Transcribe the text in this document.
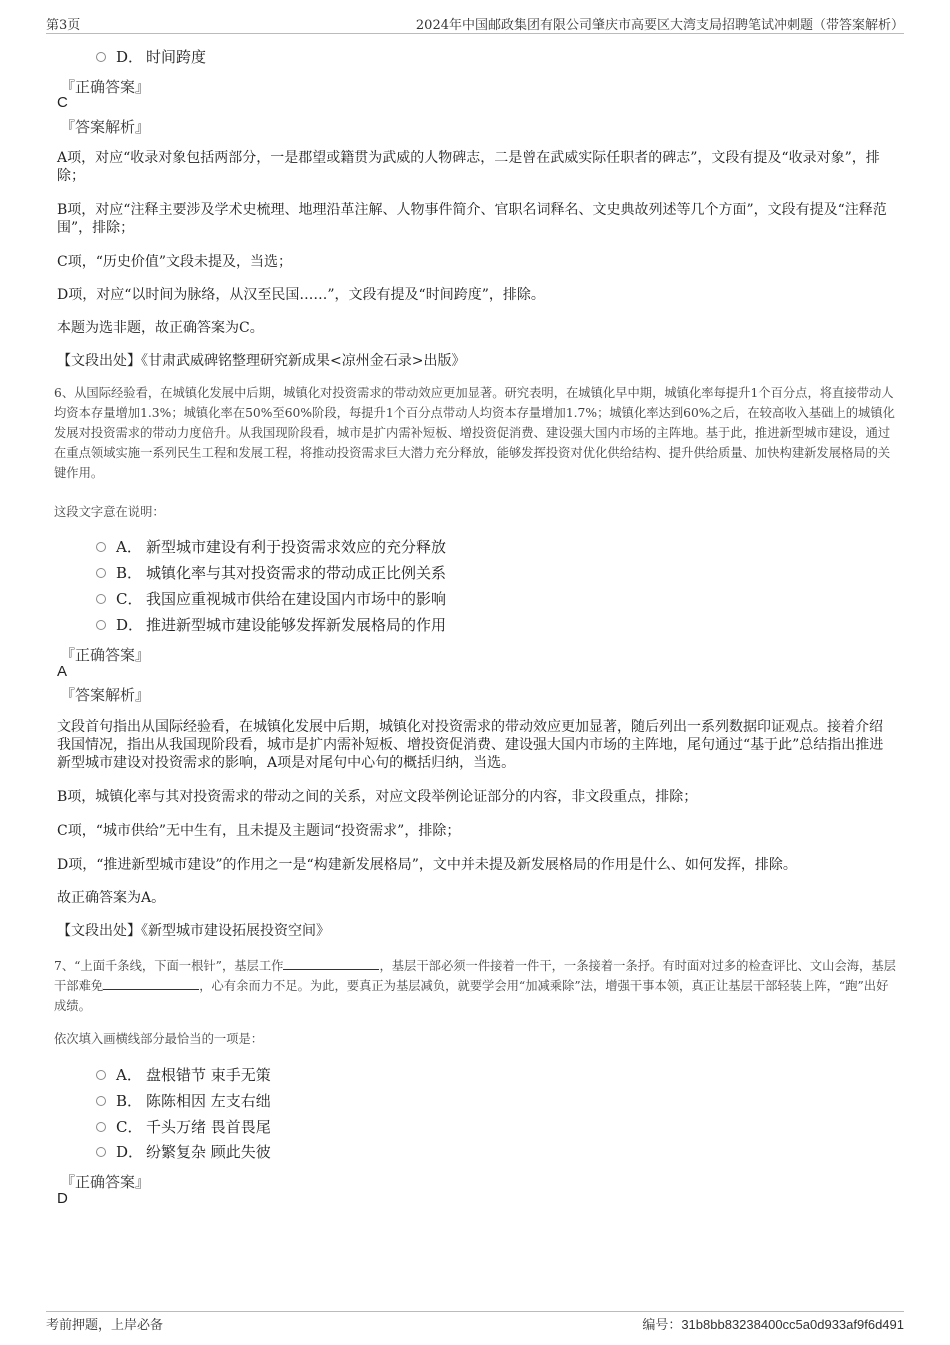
第3页	2024年中国邮政集团有限公司肇庆市高要区大湾支局招聘笔试冲刺题（带答案解析）
D． 时间跨度
『正确答案』
C
『答案解析』
A项，对应“收录对象包括两部分，一是郡望或籍贯为武威的人物碑志，二是曾在武威实际任职者的碑志”，文段有提及“收录对象”，排除；
B项，对应“注释主要涉及学术史梳理、地理沿革注解、人物事件简介、官职名词释名、文史典故列述等几个方面”，文段有提及“注释范围”，排除；
C项，“历史价值”文段未提及，当选；
D项，对应“以时间为脉络，从汉至民国……”，文段有提及“时间跨度”，排除。
本题为选非题，故正确答案为C。
【文段出处】《甘肃武威碑铭整理研究新成果<凉州金石录>出版》
6、从国际经验看，在城镇化发展中后期，城镇化对投资需求的带动效应更加显著。研究表明，在城镇化早中期，城镇化率每提升1个百分点，将直接带动人均资本存量增加1.3%；城镇化率在50%至60%阶段，每提升1个百分点带动人均资本存量增加1.7%；城镇化率达到60%之后，在较高收入基础上的城镇化发展对投资需求的带动力度倍升。从我国现阶段看，城市是扩内需补短板、增投资促消费、建设强大国内市场的主阵地。基于此，推进新型城市建设，通过在重点领域实施一系列民生工程和发展工程，将推动投资需求巨大潜力充分释放，能够发挥投资对优化供给结构、提升供给质量、加快构建新发展格局的关键作用。
这段文字意在说明：
A． 新型城市建设有利于投资需求效应的充分释放
B． 城镇化率与其对投资需求的带动成正比例关系
C． 我国应重视城市供给在建设国内市场中的影响
D． 推进新型城市建设能够发挥新发展格局的作用
『正确答案』
A
『答案解析』
文段首句指出从国际经验看，在城镇化发展中后期，城镇化对投资需求的带动效应更加显著，随后列出一系列数据印证观点。接着介绍我国情况，指出从我国现阶段看，城市是扩内需补短板、增投资促消费、建设强大国内市场的主阵地，尾句通过“基于此”总结指出推进新型城市建设对投资需求的影响，A项是对尾句中心句的概括归纳，当选。
B项，城镇化率与其对投资需求的带动之间的关系，对应文段举例论证部分的内容，非文段重点，排除；
C项，“城市供给”无中生有，且未提及主题词“投资需求”，排除；
D项，“推进新型城市建设”的作用之一是“构建新发展格局”，文中并未提及新发展格局的作用是什么、如何发挥，排除。
故正确答案为A。
【文段出处】《新型城市建设拓展投资空间》
7、“上面千条线，下面一根针”，基层工作	，基层干部必须一件接着一件干，一条接着一条抒。有时面对过多的检查评比、文山会海，基层干部难免	，心有余而力不足。为此，要真正为基层减负，就要学会用“加减乘除”法，增强干事本领，真正让基层干部轻装上阵，“跑”出好成绩。
依次填入画横线部分最恰当的一项是：
A． 盘根错节 束手无策
B． 陈陈相因 左支右绌
C． 千头万绪 畏首畏尾
D． 纷繁复杂 顾此失彼
『正确答案』
D
考前押题，上岸必备	编号：31b8bb83238400cc5a0d933af9f6d491
